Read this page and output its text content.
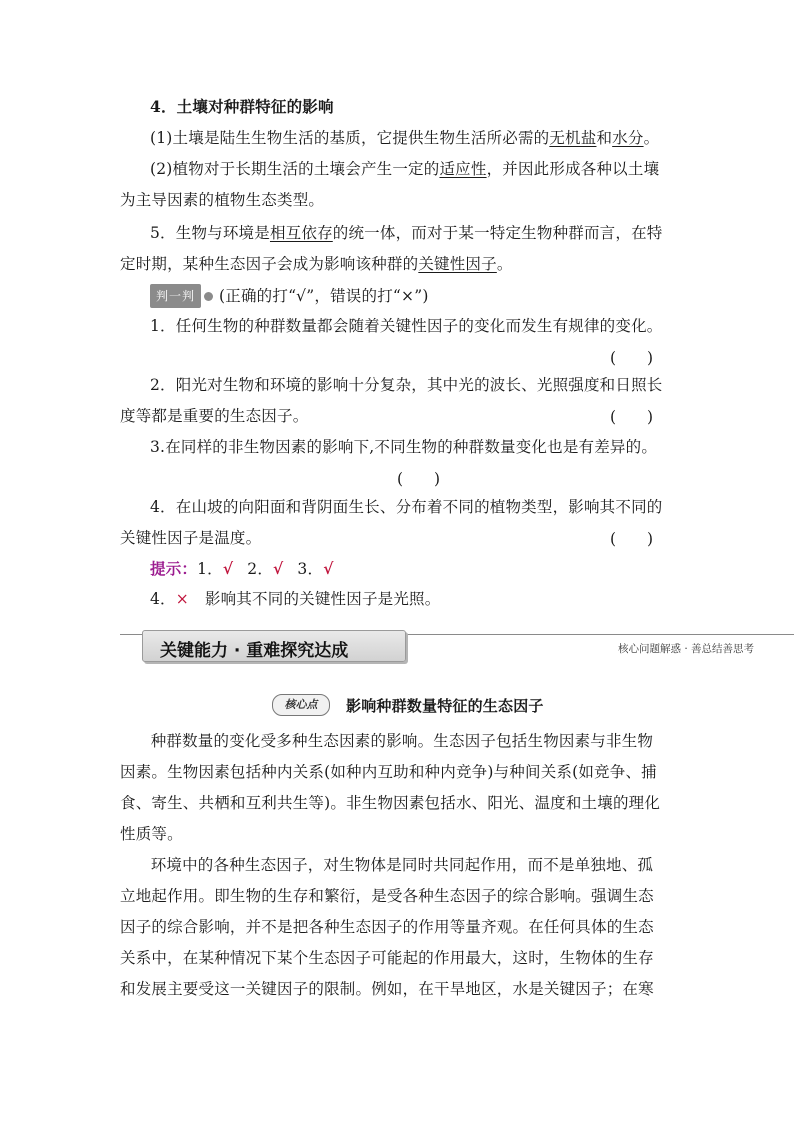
4．土壤对种群特征的影响
(1)土壤是陆生生物生活的基质，它提供生物生活所必需的无机盐和水分。
(2)植物对于长期生活的土壤会产生一定的适应性，并因此形成各种以土壤
为主导因素的植物生态类型。
5．生物与环境是相互依存的统一体，而对于某一特定生物种群而言，在特
定时期，某种生态因子会成为影响该种群的关键性因子。
判一判 (正确的打“√”，错误的打“×”)
1．任何生物的种群数量都会随着关键性因子的变化而发生有规律的变化。
(　　)
2．阳光对生物和环境的影响十分复杂，其中光的波长、光照强度和日照长
度等都是重要的生态因子。	(　　)
3.在同样的非生物因素的影响下,不同生物的种群数量变化也是有差异的。
(　　)
4．在山坡的向阳面和背阴面生长、分布着不同的植物类型，影响其不同的
关键性因子是温度。	(　　)
提示：1．√ 2．√ 3．√
4．× 影响其不同的关键性因子是光照。
关键能力 · 重难探究达成	核心问题解惑 · 善总结善思考
核心点	影响种群数量特征的生态因子
　种群数量的变化受多种生态因素的影响。生态因子包括生物因素与非生物
因素。生物因素包括种内关系(如种内互助和种内竞争)与种间关系(如竞争、捕
食、寄生、共栖和互利共生等)。非生物因素包括水、阳光、温度和土壤的理化
性质等。
　环境中的各种生态因子，对生物体是同时共同起作用，而不是单独地、孤
立地起作用。即生物的生存和繁衍，是受各种生态因子的综合影响。强调生态
因子的综合影响，并不是把各种生态因子的作用等量齐观。在任何具体的生态
关系中，在某种情况下某个生态因子可能起的作用最大，这时，生物体的生存
和发展主要受这一关键因子的限制。例如，在干旱地区，水是关键因子；在寒
